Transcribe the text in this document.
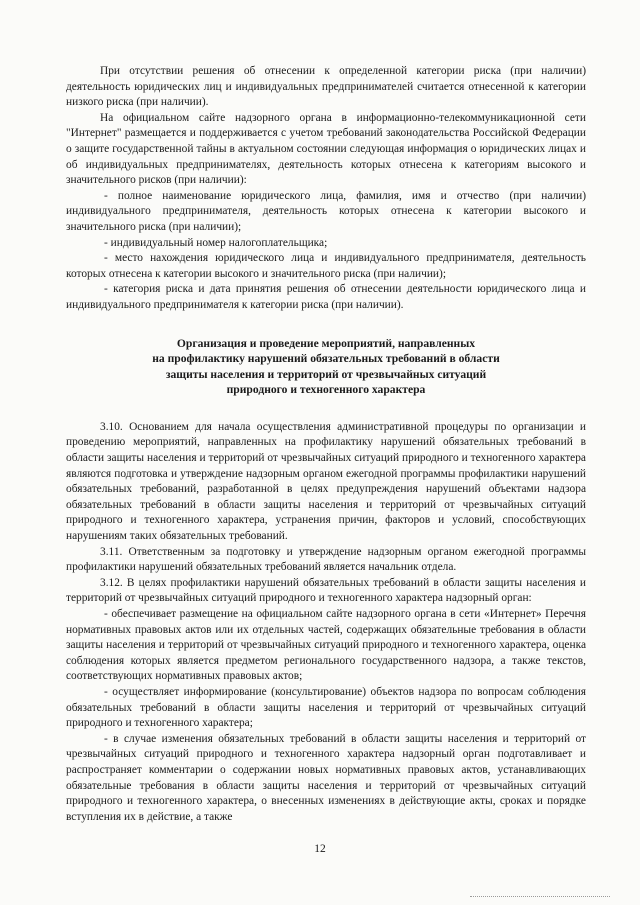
При отсутствии решения об отнесении к определенной категории риска (при наличии) деятельность юридических лиц и индивидуальных предпринимателей считается отнесенной к категории низкого риска (при наличии).

На официальном сайте надзорного органа в информационно-телекоммуникационной сети "Интернет" размещается и поддерживается с учетом требований законодательства Российской Федерации о защите государственной тайны в актуальном состоянии следующая информация о юридических лицах и об индивидуальных предпринимателях, деятельность которых отнесена к категориям высокого и значительного рисков (при наличии):

- полное наименование юридического лица, фамилия, имя и отчество (при наличии) индивидуального предпринимателя, деятельность которых отнесена к категории высокого и значительного риска (при наличии);

- индивидуальный номер налогоплательщика;

- место нахождения юридического лица и индивидуального предпринимателя, деятельность которых отнесена к категории высокого и значительного риска (при наличии);

- категория риска и дата принятия решения об отнесении деятельности юридического лица и индивидуального предпринимателя к категории риска (при наличии).

Организация и проведение мероприятий, направленных
на профилактику нарушений обязательных требований в области
защиты населения и территорий от чрезвычайных ситуаций
природного и техногенного характера

3.10. Основанием для начала осуществления административной процедуры по организации и проведению мероприятий, направленных на профилактику нарушений обязательных требований в области защиты населения и территорий от чрезвычайных ситуаций природного и техногенного характера являются подготовка и утверждение надзорным органом ежегодной программы профилактики нарушений обязательных требований, разработанной в целях предупреждения нарушений объектами надзора обязательных требований в области защиты населения и территорий от чрезвычайных ситуаций природного и техногенного характера, устранения причин, факторов и условий, способствующих нарушениям таких обязательных требований.

3.11. Ответственным за подготовку и утверждение надзорным органом ежегодной программы профилактики нарушений обязательных требований является начальник отдела.

3.12. В целях профилактики нарушений обязательных требований в области защиты населения и территорий от чрезвычайных ситуаций природного и техногенного характера надзорный орган:

- обеспечивает размещение на официальном сайте надзорного органа в сети «Интернет» Перечня нормативных правовых актов или их отдельных частей, содержащих обязательные требования в области защиты населения и территорий от чрезвычайных ситуаций природного и техногенного характера, оценка соблюдения которых является предметом регионального государственного надзора, а также текстов, соответствующих нормативных правовых актов;

- осуществляет информирование (консультирование) объектов надзора по вопросам соблюдения обязательных требований в области защиты населения и территорий от чрезвычайных ситуаций природного и техногенного характера;

- в случае изменения обязательных требований в области защиты населения и территорий от чрезвычайных ситуаций природного и техногенного характера надзорный орган подготавливает и распространяет комментарии о содержании новых нормативных правовых актов, устанавливающих обязательные требования в области защиты населения и территорий от чрезвычайных ситуаций природного и техногенного характера, о внесенных изменениях в действующие акты, сроках и порядке вступления их в действие, а также

12
